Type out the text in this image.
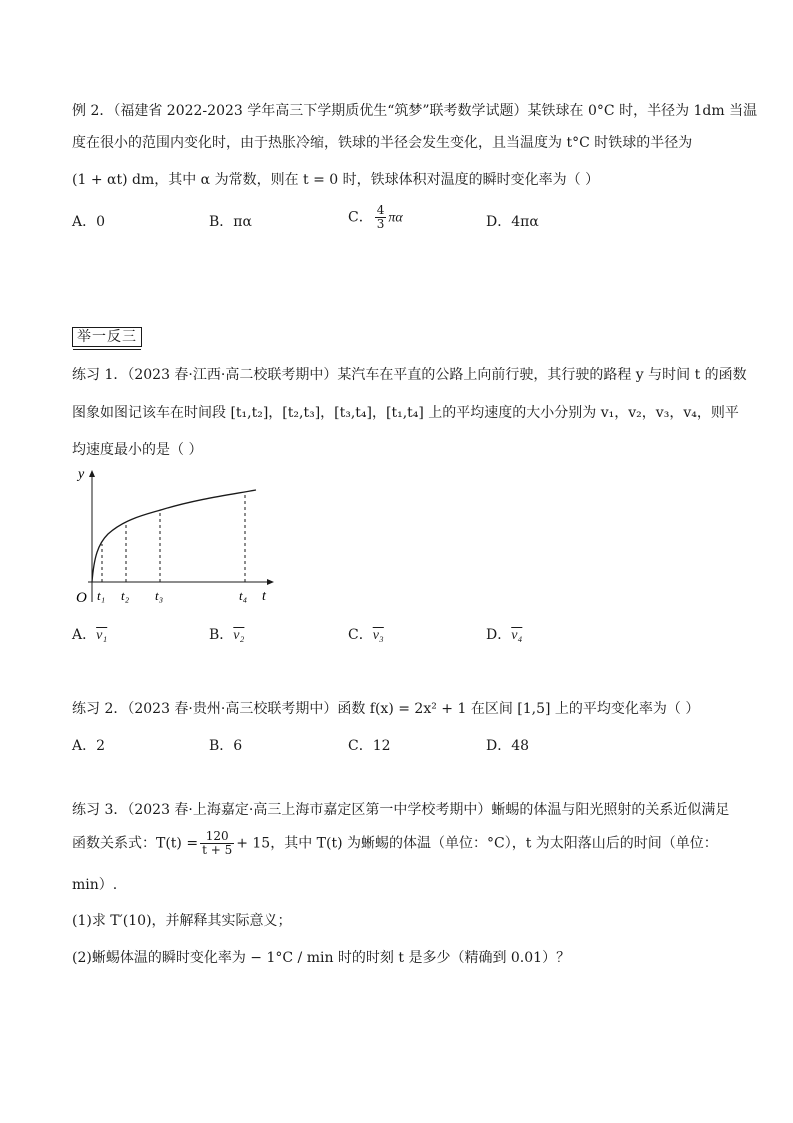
例 2．（福建省 2022-2023 学年高三下学期质优生“筑梦”联考数学试题）某铁球在 0°C 时，半径为 1dm 当温
度在很小的范围内变化时，由于热胀冷缩，铁球的半径会发生变化，且当温度为 t°C 时铁球的半径为
(1 + αt) dm，其中 α 为常数，则在 t = 0 时，铁球体积对温度的瞬时变化率为（ ）
A．0	B．πα	C． $\frac{4}{3}$ πα	D．4πα
举一反三
练习 1．（2023 春·江西·高二校联考期中）某汽车在平直的公路上向前行驶，其行驶的路程 y 与时间 t 的函数
图象如图记该车在时间段 [t₁,t₂]，[t₂,t₃]，[t₃,t₄]，[t₁,t₄] 上的平均速度的大小分别为 v₁，v₂，v₃，v₄，则平
均速度最小的是（ ）
y
t
O t₁ t₂ t₃	t₄
A．v₁	B．v₂	C．v₃	D．v₄
练习 2．（2023 春·贵州·高三校联考期中）函数 f(x) = 2x² + 1 在区间 [1,5] 上的平均变化率为（ ）
A．2	B．6	C．12	D．48
练习 3．（2023 春·上海嘉定·高三上海市嘉定区第一中学校考期中）蜥蜴的体温与阳光照射的关系近似满足
函数关系式：$T(t) = \frac{120}{t + 5} + 15$，其中 T(t) 为蜥蜴的体温（单位：°C），t 为太阳落山后的时间（单位：
min）.
(1)求 T′(10)，并解释其实际意义；
(2)蜥蜴体温的瞬时变化率为 − 1°C / min 时的时刻 t 是多少（精确到 0.01）？
